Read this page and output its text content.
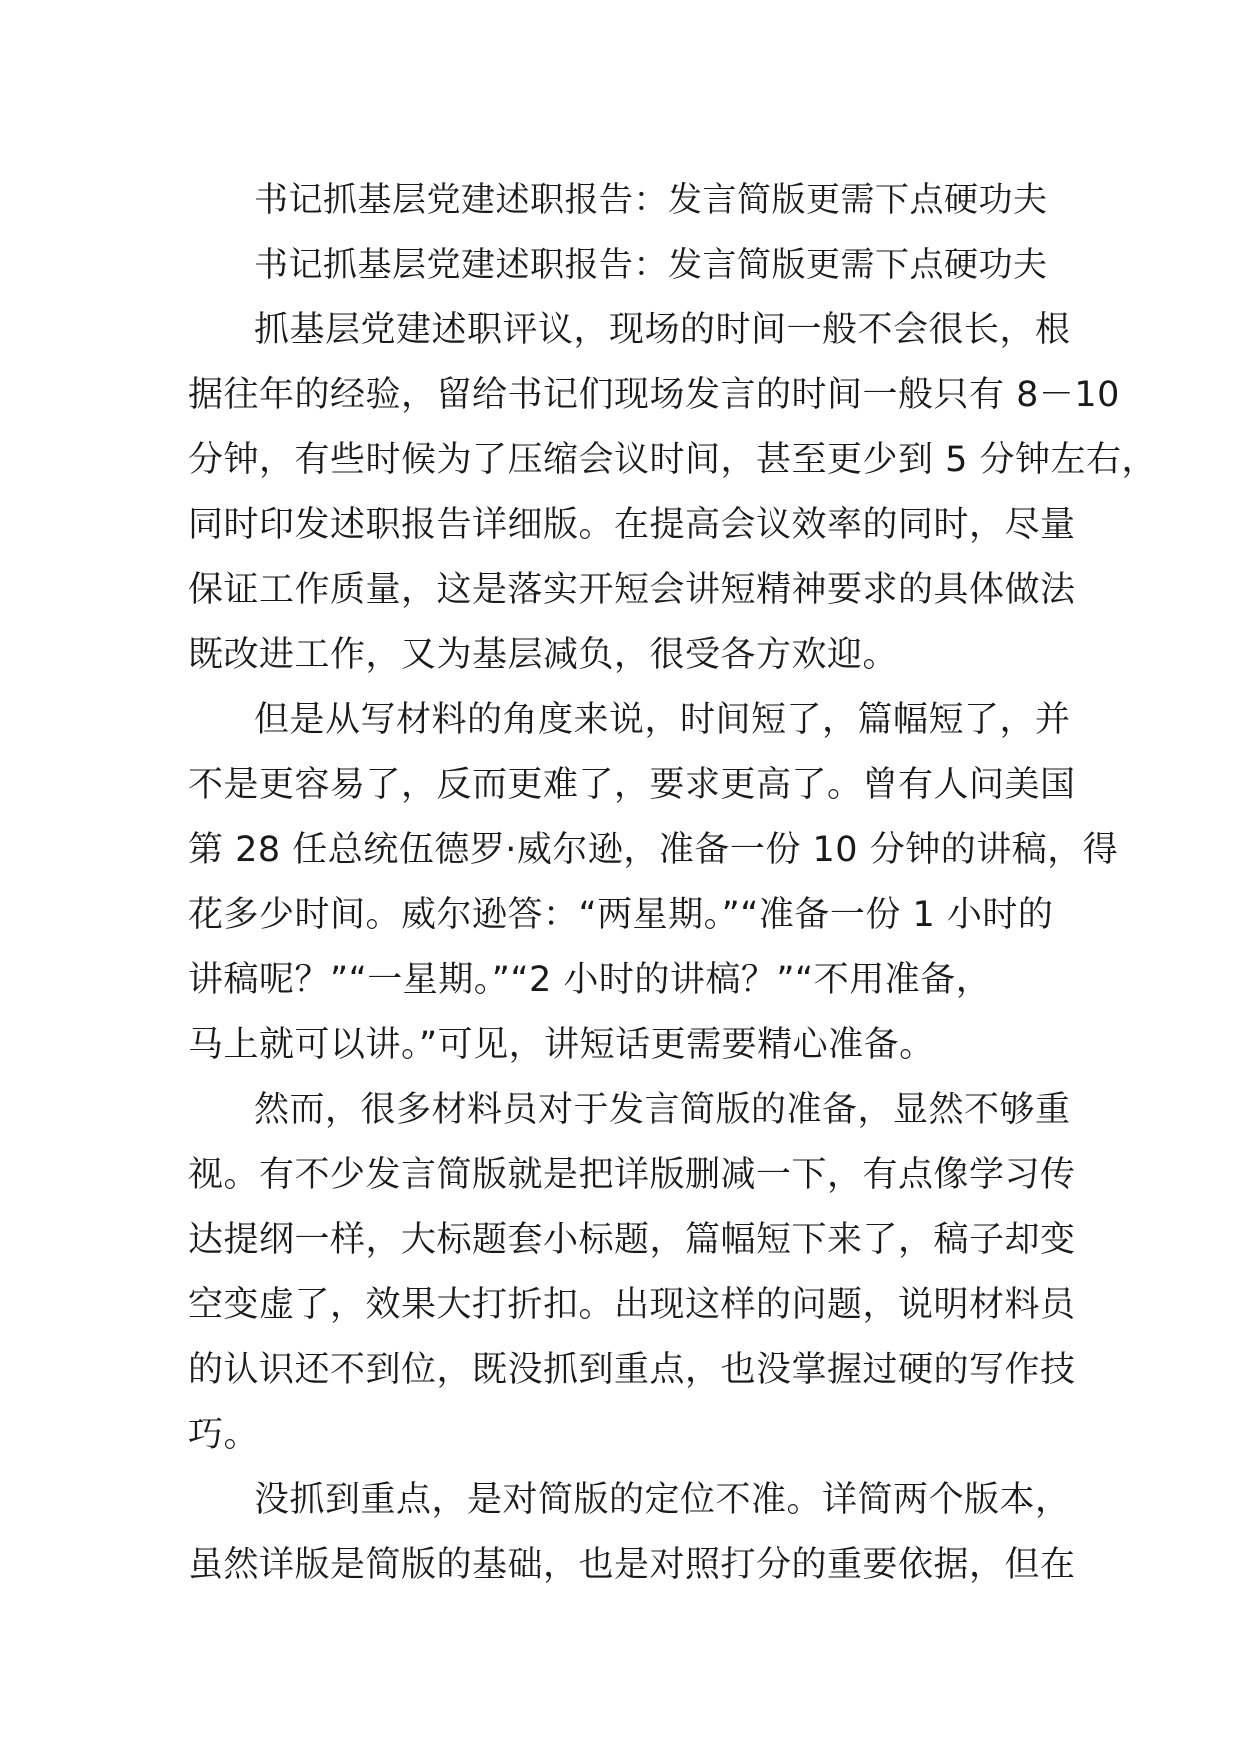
书记抓基层党建述职报告：发言简版更需下点硬功夫
书记抓基层党建述职报告：发言简版更需下点硬功夫
抓基层党建述职评议，现场的时间一般不会很长，根
据往年的经验，留给书记们现场发言的时间一般只有 8－10
分钟，有些时候为了压缩会议时间，甚至更少到 5 分钟左右，
同时印发述职报告详细版。在提高会议效率的同时，尽量
保证工作质量，这是落实开短会讲短精神要求的具体做法
既改进工作，又为基层减负，很受各方欢迎。
但是从写材料的角度来说，时间短了，篇幅短了，并
不是更容易了，反而更难了，要求更高了。曾有人问美国
第 28 任总统伍德罗·威尔逊，准备一份 10 分钟的讲稿，得
花多少时间。威尔逊答：“两星期。”“准备一份 1 小时的
讲稿呢？”“一星期。”“2 小时的讲槁？”“不用准备，
马上就可以讲。”可见，讲短话更需要精心准备。
然而，很多材料员对于发言简版的准备，显然不够重
视。有不少发言简版就是把详版删减一下，有点像学习传
达提纲一样，大标题套小标题，篇幅短下来了，稿子却变
空变虚了，效果大打折扣。出现这样的问题，说明材料员
的认识还不到位，既没抓到重点，也没掌握过硬的写作技
巧。
没抓到重点，是对简版的定位不准。详简两个版本，
虽然详版是简版的基础，也是对照打分的重要依据，但在
